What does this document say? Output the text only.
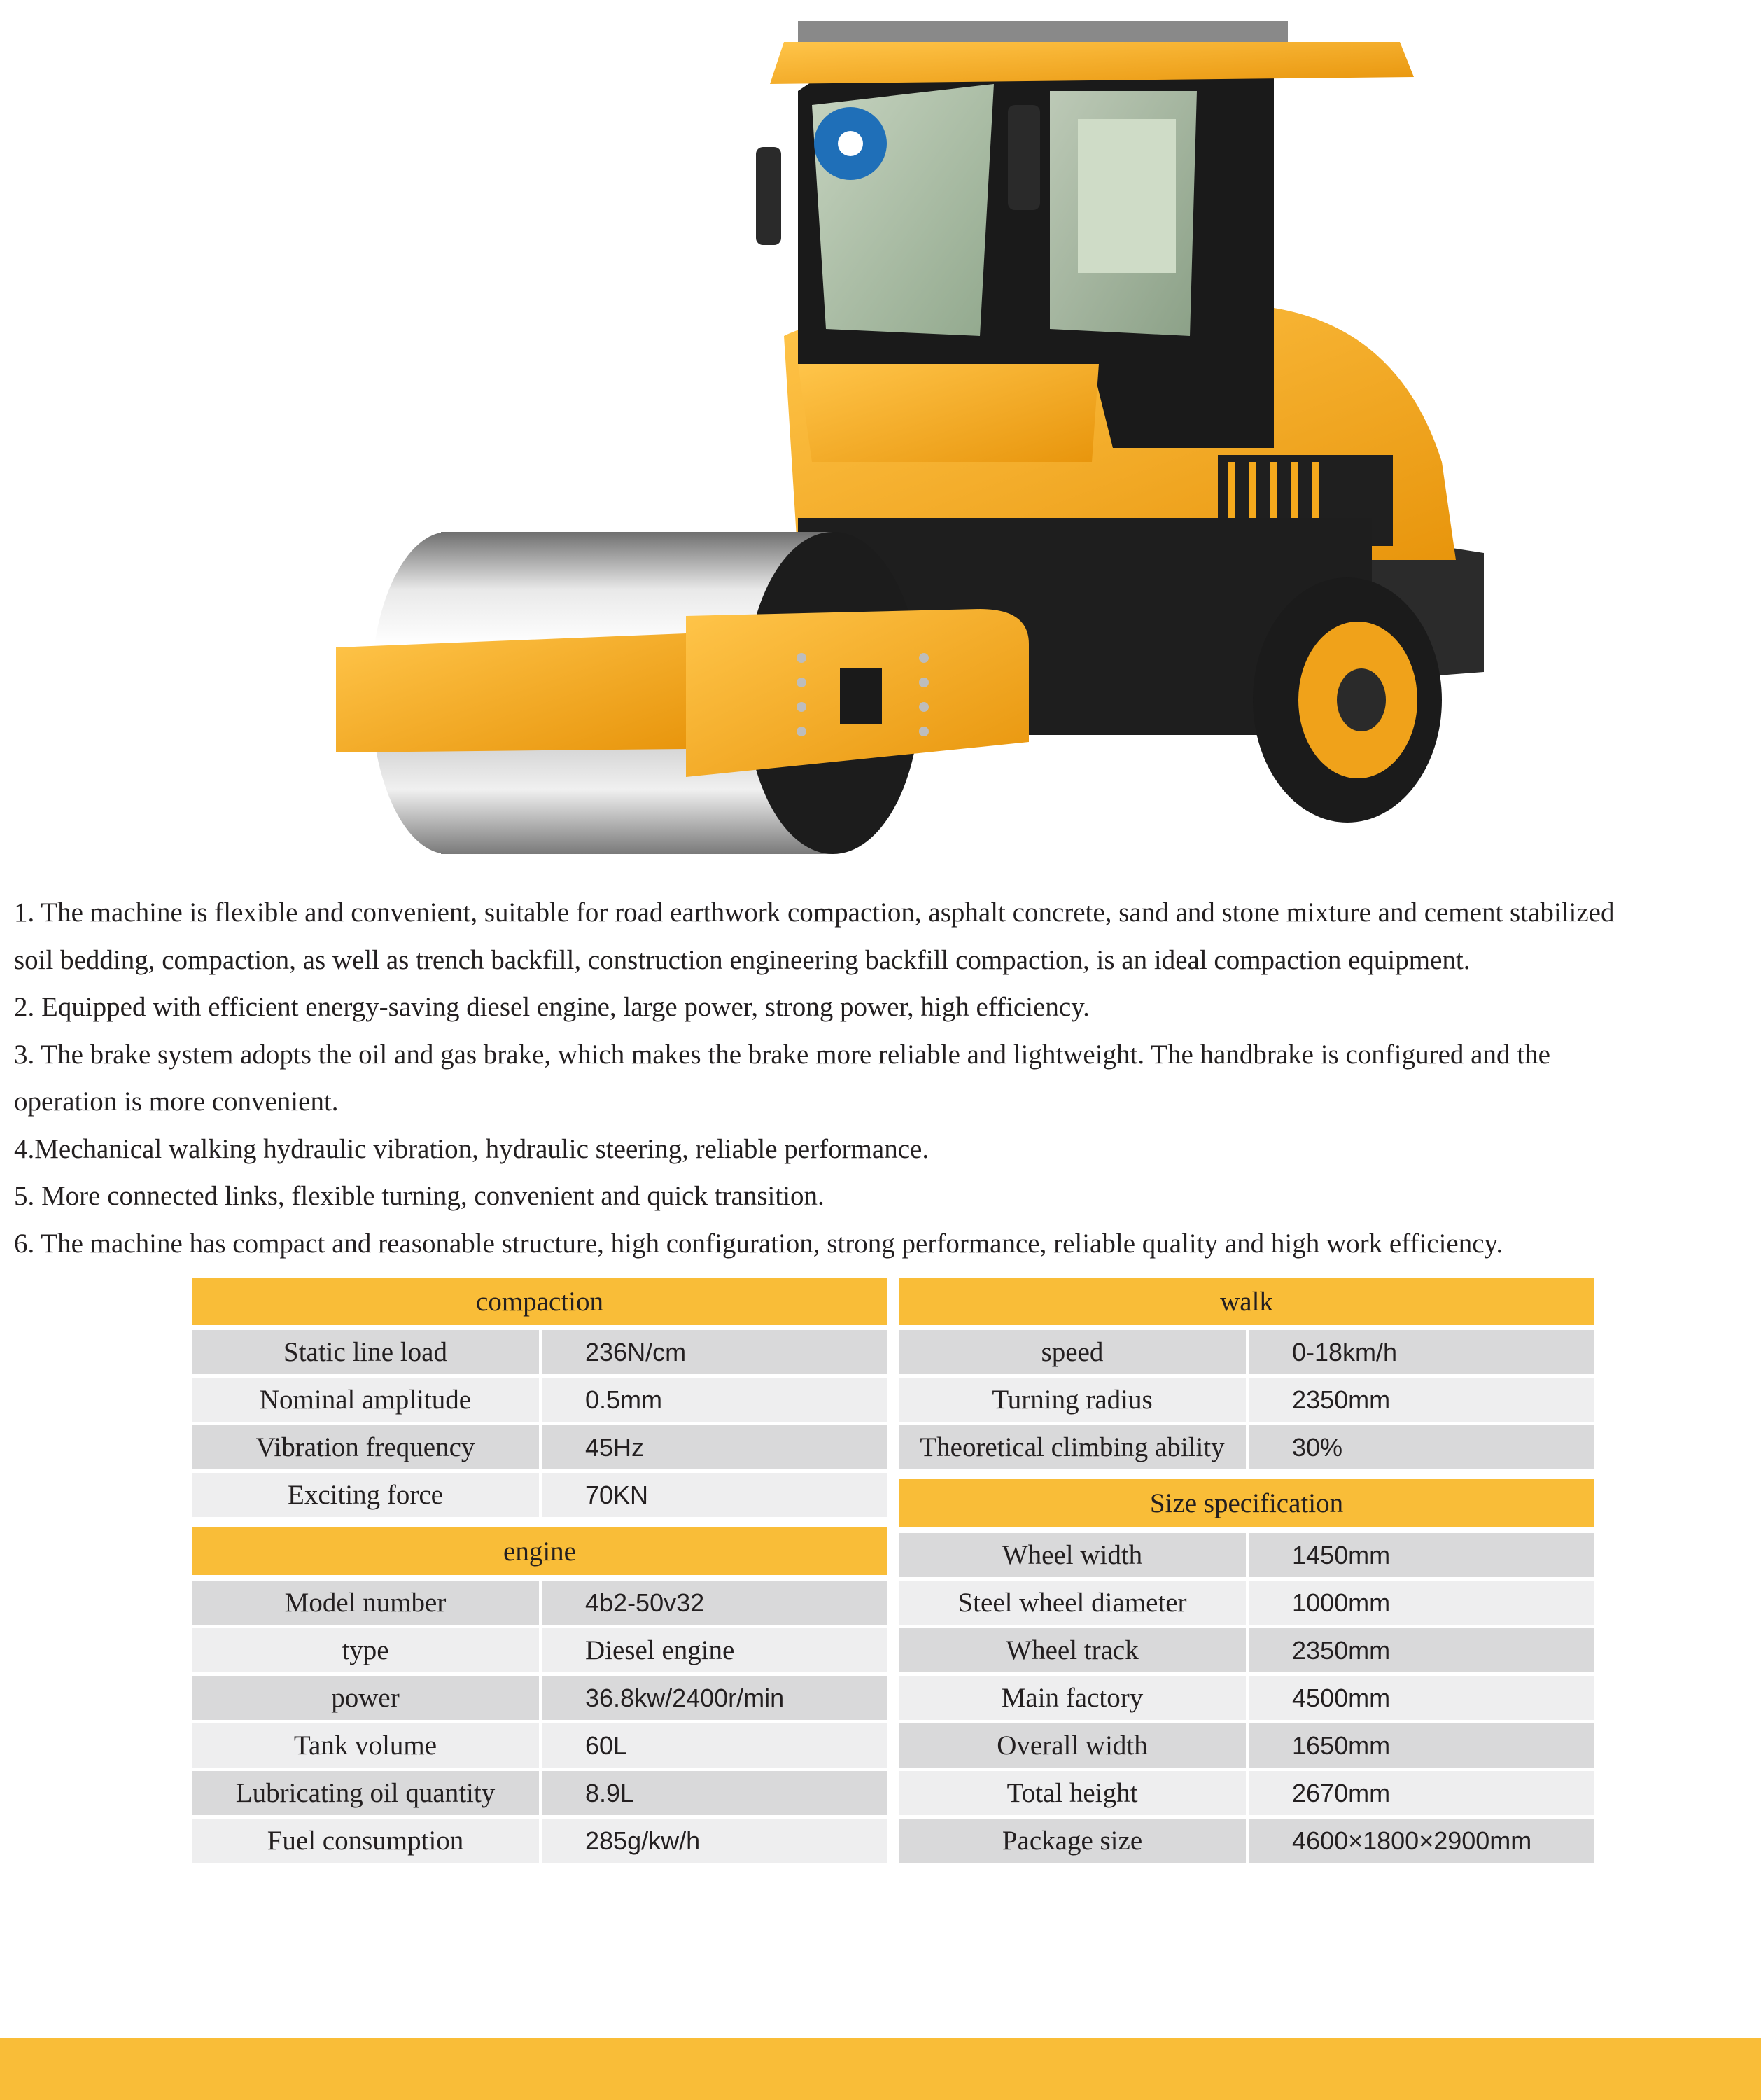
1. The machine is flexible and convenient, suitable for road earthwork compaction, asphalt concrete, sand and stone mixture and cement stabilized
soil bedding, compaction, as well as trench backfill, construction engineering backfill compaction, is an ideal compaction equipment.
2. Equipped with efficient energy-saving diesel engine, large power, strong power, high efficiency.
3. The brake system adopts the oil and gas brake, which makes the brake more reliable and lightweight. The handbrake is configured and the
operation is more convenient.
4.Mechanical walking hydraulic vibration, hydraulic steering, reliable performance.
5. More connected links, flexible turning, convenient and quick transition.
6. The machine has compact and reasonable structure, high configuration, strong performance, reliable quality and high work efficiency.
compaction
Static line load	236N/cm
Nominal amplitude	0.5mm
Vibration frequency	45Hz
Exciting force	70KN
engine
Model number	4b2-50v32
type	Diesel engine
power	36.8kw/2400r/min
Tank volume	60L
Lubricating oil quantity	8.9L
Fuel consumption	285g/kw/h
walk
speed	0-18km/h
Turning radius	2350mm
Theoretical climbing ability	30%
Size specification
Wheel width	1450mm
Steel wheel diameter	1000mm
Wheel track	2350mm
Main factory	4500mm
Overall width	1650mm
Total height	2670mm
Package size	4600×1800×2900mm
